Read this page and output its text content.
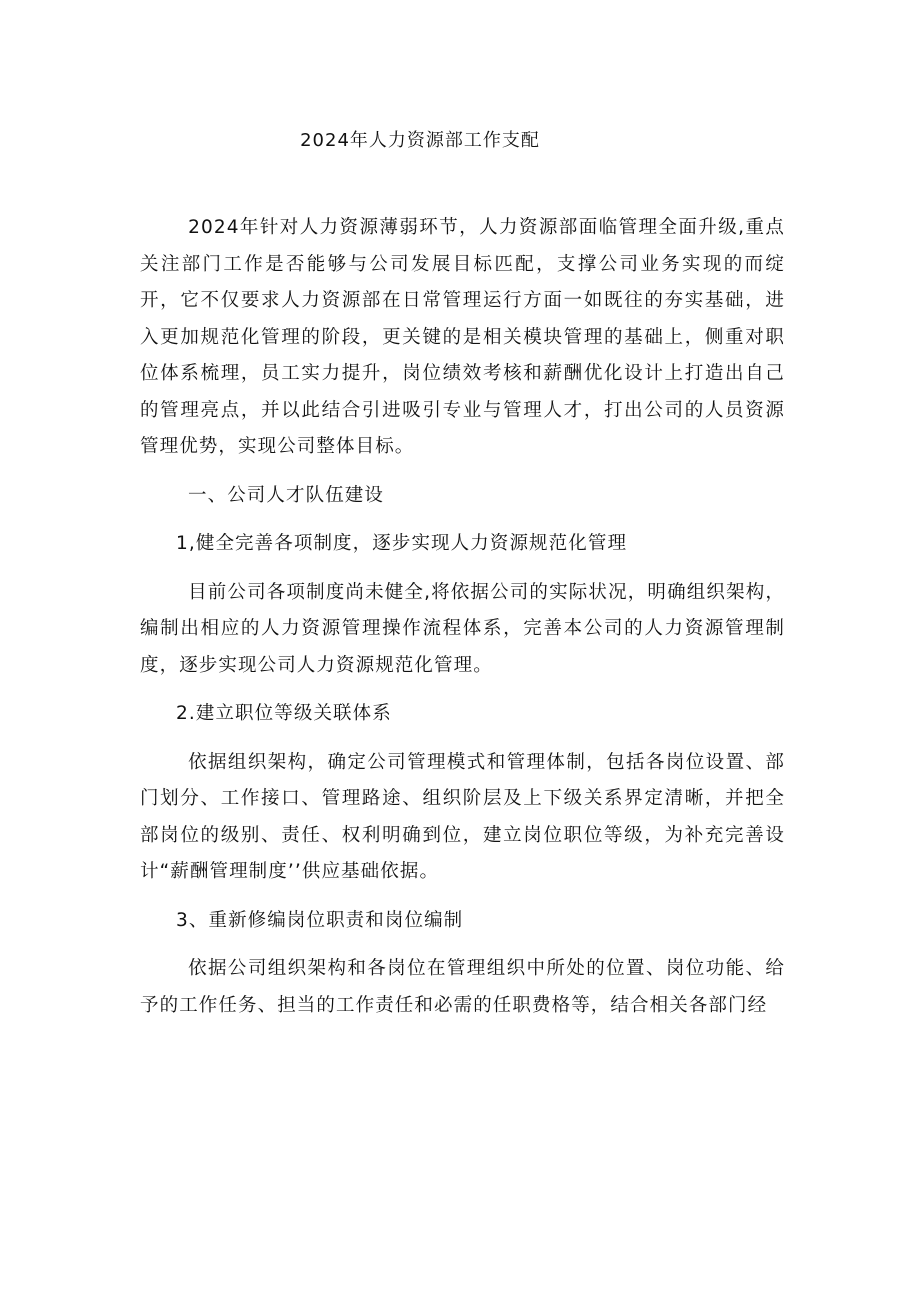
2024年人力资源部工作支配

2024年针对人力资源薄弱环节，人力资源部面临管理全面升级,重点关注部门工作是否能够与公司发展目标匹配，支撑公司业务实现的而绽开，它不仅要求人力资源部在日常管理运行方面一如既往的夯实基础，进入更加规范化管理的阶段，更关键的是相关模块管理的基础上，侧重对职位体系梳理，员工实力提升，岗位绩效考核和薪酬优化设计上打造出自己的管理亮点，并以此结合引进吸引专业与管理人才，打出公司的人员资源管理优势，实现公司整体目标。

一、公司人才队伍建设

1,健全完善各项制度，逐步实现人力资源规范化管理

目前公司各项制度尚未健全,将依据公司的实际状况，明确组织架构，编制出相应的人力资源管理操作流程体系，完善本公司的人力资源管理制度，逐步实现公司人力资源规范化管理。

2.建立职位等级关联体系

依据组织架构，确定公司管理模式和管理体制，包括各岗位设置、部门划分、工作接口、管理路途、组织阶层及上下级关系界定清晰，并把全部岗位的级别、责任、权利明确到位，建立岗位职位等级，为补充完善设计“薪酬管理制度’’供应基础依据。

3、重新修编岗位职责和岗位编制

依据公司组织架构和各岗位在管理组织中所处的位置、岗位功能、给予的工作任务、担当的工作责任和必需的任职费格等，结合相关各部门经
